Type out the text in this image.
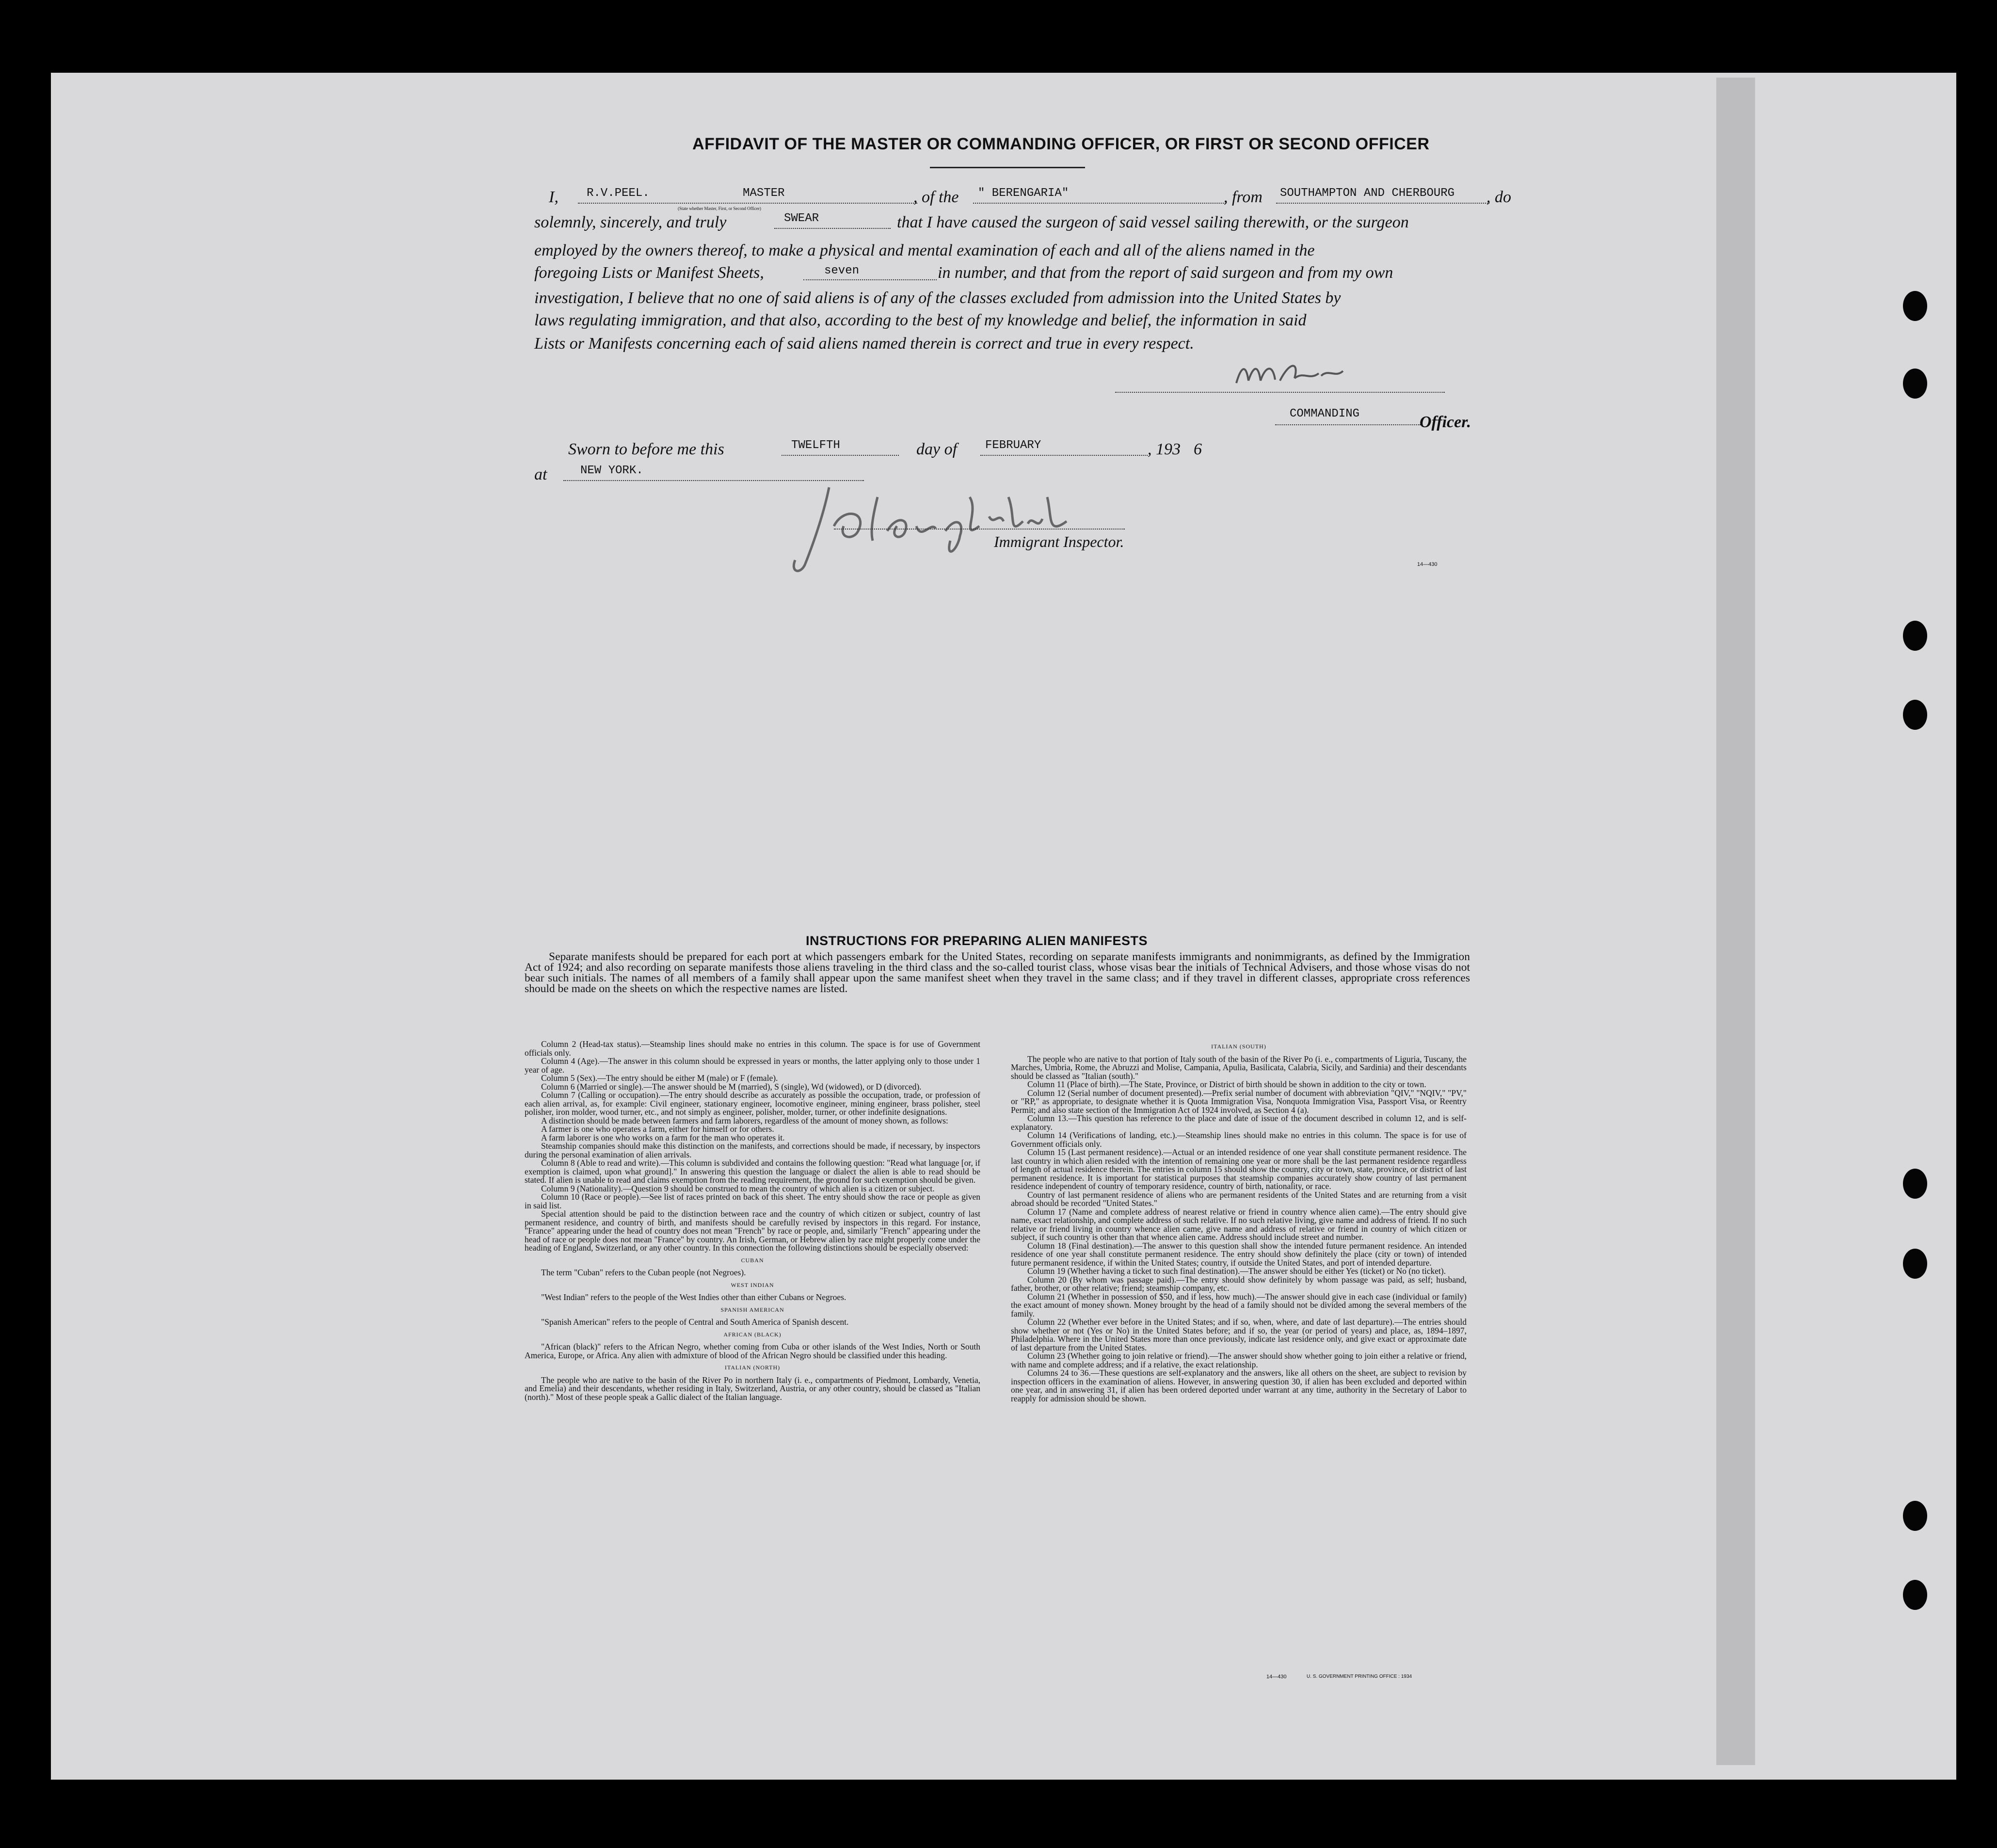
AFFIDAVIT OF THE MASTER OR COMMANDING OFFICER, OR FIRST OR SECOND OFFICER
I, R.V.PEEL.	MASTER	, of the " BERENGARIA"	, from SOUTHAMPTON AND CHERBOURG , do
(State whether Master, First, or Second Officer)
solemnly, sincerely, and truly	SWEAR	that I have caused the surgeon of said vessel sailing therewith, or the surgeon
employed by the owners thereof, to make a physical and mental examination of each and all of the aliens named in the
foregoing Lists or Manifest Sheets,	seven	in number, and that from the report of said surgeon and from my own
investigation, I believe that no one of said aliens is of any of the classes excluded from admission into the United States by
laws regulating immigration, and that also, according to the best of my knowledge and belief, the information in said
Lists or Manifests concerning each of said aliens named therein is correct and true in every respect.
COMMANDING	Officer.
Sworn to before me this	TWELFTH	day of FEBRUARY	, 193 6
at	NEW YORK.
Immigrant Inspector.
14—430
INSTRUCTIONS FOR PREPARING ALIEN MANIFESTS
Separate manifests should be prepared for each port at which passengers embark for the United States, recording on separate manifests immigrants and nonimmigrants, as defined by the Immigration Act of 1924; and also recording on separate manifests those aliens traveling in the third class and the so-called tourist class, whose visas bear the initials of Technical Advisers, and those whose visas do not bear such initials. The names of all members of a family shall appear upon the same manifest sheet when they travel in the same class; and if they travel in different classes, appropriate cross references should be made on the sheets on which the respective names are listed.

Column 2 (Head-tax status).—Steamship lines should make no entries in this column. The space is for use of Government officials only.

Column 4 (Age).—The answer in this column should be expressed in years or months, the latter applying only to those under 1 year of age.

Column 5 (Sex).—The entry should be either M (male) or F (female).

Column 6 (Married or single).—The answer should be M (married), S (single), Wd (widowed), or D (divorced).

Column 7 (Calling or occupation).—The entry should describe as accurately as possible the occupation, trade, or profession of each alien arrival, as, for example: Civil engineer, stationary engineer, locomotive engineer, mining engineer, brass polisher, steel polisher, iron molder, wood turner, etc., and not simply as engineer, polisher, molder, turner, or other indefinite designations.

A distinction should be made between farmers and farm laborers, regardless of the amount of money shown, as follows:

A farmer is one who operates a farm, either for himself or for others.

A farm laborer is one who works on a farm for the man who operates it.

Steamship companies should make this distinction on the manifests, and corrections should be made, if necessary, by inspectors during the personal examination of alien arrivals.

Column 8 (Able to read and write).—This column is subdivided and contains the following question: "Read what language [or, if exemption is claimed, upon what ground]." In answering this question the language or dialect the alien is able to read should be stated. If alien is unable to read and claims exemption from the reading requirement, the ground for such exemption should be given.

Column 9 (Nationality).—Question 9 should be construed to mean the country of which alien is a citizen or subject.

Column 10 (Race or people).—See list of races printed on back of this sheet. The entry should show the race or people as given in said list.

Special attention should be paid to the distinction between race and the country of which citizen or subject, country of last permanent residence, and country of birth, and manifests should be carefully revised by inspectors in this regard. For instance, "France" appearing under the head of country does not mean "French" by race or people, and, similarly "French" appearing under the head of race or people does not mean "France" by country. An Irish, German, or Hebrew alien by race might properly come under the heading of England, Switzerland, or any other country. In this connection the following distinctions should be especially observed:

CUBAN

The term "Cuban" refers to the Cuban people (not Negroes).

WEST INDIAN

"West Indian" refers to the people of the West Indies other than either Cubans or Negroes.

SPANISH AMERICAN

"Spanish American" refers to the people of Central and South America of Spanish descent.

AFRICAN (BLACK)

"African (black)" refers to the African Negro, whether coming from Cuba or other islands of the West Indies, North or South America, Europe, or Africa. Any alien with admixture of blood of the African Negro should be classified under this heading.

ITALIAN (NORTH)

The people who are native to the basin of the River Po in northern Italy (i. e., compartments of Piedmont, Lombardy, Venetia, and Emelia) and their descendants, whether residing in Italy, Switzerland, Austria, or any other country, should be classed as "Italian (north)." Most of these people speak a Gallic dialect of the Italian language.

ITALIAN (SOUTH)

The people who are native to that portion of Italy south of the basin of the River Po (i. e., compartments of Liguria, Tuscany, the Marches, Umbria, Rome, the Abruzzi and Molise, Campania, Apulia, Basilicata, Calabria, Sicily, and Sardinia) and their descendants should be classed as "Italian (south)."

Column 11 (Place of birth).—The State, Province, or District of birth should be shown in addition to the city or town.

Column 12 (Serial number of document presented).—Prefix serial number of document with abbreviation "QIV," "NQIV," "PV," or "RP," as appropriate, to designate whether it is Quota Immigration Visa, Nonquota Immigration Visa, Passport Visa, or Reentry Permit; and also state section of the Immigration Act of 1924 involved, as Section 4 (a).

Column 13.—This question has reference to the place and date of issue of the document described in column 12, and is self-explanatory.

Column 14 (Verifications of landing, etc.).—Steamship lines should make no entries in this column. The space is for use of Government officials only.

Column 15 (Last permanent residence).—Actual or an intended residence of one year shall constitute permanent residence. The last country in which alien resided with the intention of remaining one year or more shall be the last permanent residence regardless of length of actual residence therein. The entries in column 15 should show the country, city or town, state, province, or district of last permanent residence. It is important for statistical purposes that steamship companies accurately show country of last permanent residence independent of country of temporary residence, country of birth, nationality, or race.

Country of last permanent residence of aliens who are permanent residents of the United States and are returning from a visit abroad should be recorded "United States."

Column 17 (Name and complete address of nearest relative or friend in country whence alien came).—The entry should give name, exact relationship, and complete address of such relative. If no such relative living, give name and address of friend. If no such relative or friend living in country whence alien came, give name and address of relative or friend in country of which citizen or subject, if such country is other than that whence alien came. Address should include street and number.

Column 18 (Final destination).—The answer to this question shall show the intended future permanent residence. An intended residence of one year shall constitute permanent residence. The entry should show definitely the place (city or town) of intended future permanent residence, if within the United States; country, if outside the United States, and port of intended departure.

Column 19 (Whether having a ticket to such final destination).—The answer should be either Yes (ticket) or No (no ticket).

Column 20 (By whom was passage paid).—The entry should show definitely by whom passage was paid, as self; husband, father, brother, or other relative; friend; steamship company, etc.

Column 21 (Whether in possession of $50, and if less, how much).—The answer should give in each case (individual or family) the exact amount of money shown. Money brought by the head of a family should not be divided among the several members of the family.

Column 22 (Whether ever before in the United States; and if so, when, where, and date of last departure).—The entries should show whether or not (Yes or No) in the United States before; and if so, the year (or period of years) and place, as, 1894–1897, Philadelphia. Where in the United States more than once previously, indicate last residence only, and give exact or approximate date of last departure from the United States.

Column 23 (Whether going to join relative or friend).—The answer should show whether going to join either a relative or friend, with name and complete address; and if a relative, the exact relationship.

Columns 24 to 36.—These questions are self-explanatory and the answers, like all others on the sheet, are subject to revision by inspection officers in the examination of aliens. However, in answering question 30, if alien has been excluded and deported within one year, and in answering 31, if alien has been ordered deported under warrant at any time, authority in the Secretary of Labor to reapply for admission should be shown.

14—430	U. S. GOVERNMENT PRINTING OFFICE : 1934
